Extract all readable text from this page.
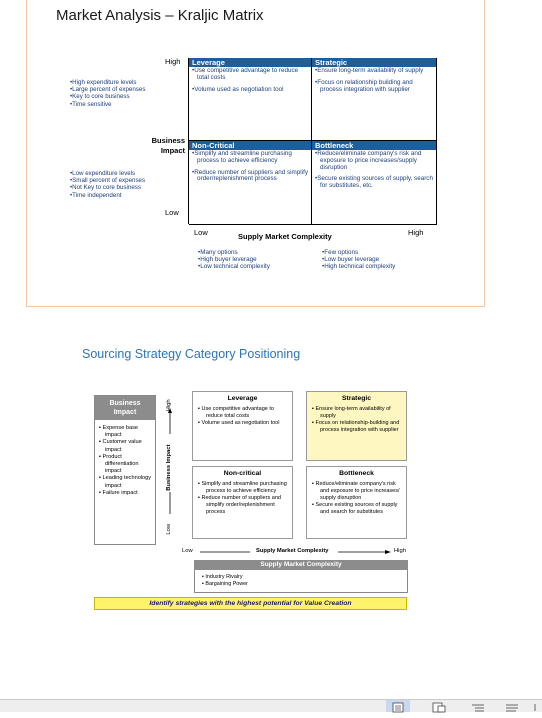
Market Analysis – Kraljic Matrix
• High expenditure levels
• Large percent of expenses
• Key to core business
• Time sensitive
• Low expenditure levels
• Small percent of expenses
• Not Key to core business
• Time independent
High
Business
Impact
Low
Leverage
• Use competitive advantage to reduce total costs
• Volume used as negotiation tool
Strategic
• Ensure long-term availability of supply
• Focus on relationship building and process integration with supplier
Non-Critical
• Simplify and streamline purchasing process to achieve efficiency
• Reduce number of suppliers and simplify order/replenishment process
Bottleneck
• Reduce/eliminate company's risk and exposure to price increases/supply disruption
• Secure existing sources of supply, search for substitutes, etc.
Low	Supply Market Complexity	High
• Many options
• High buyer leverage
• Low technical complexity
• Few options
• Low buyer leverage
• High technical complexity
Sourcing Strategy Category Positioning
Business
Impact
▪ Expense base impact
▪ Customer value impact
▪ Product differentiation impact
▪ Leading technology impact
▪ Failure impact
Low  Business Impact  High
Leverage
▪ Use competitive advantage to reduce total costs
▪ Volume used as negotiation tool
Strategic
▪ Ensure long-term availability of supply
▪ Focus on relationship-building and process integration with supplier
Non-critical
▪ Simplify and streamline purchasing process to achieve efficiency
▪ Reduce number of suppliers and simplify order/replenishment process
Bottleneck
▪ Reduce/eliminate company's risk and exposure to price increases/ supply disruption
▪ Secure existing sources of supply and search for substitutes
Low	Supply Market Complexity	High
Supply Market Complexity
▪ Industry Rivalry
▪ Bargaining Power
Identify strategies with the highest potential for Value Creation
